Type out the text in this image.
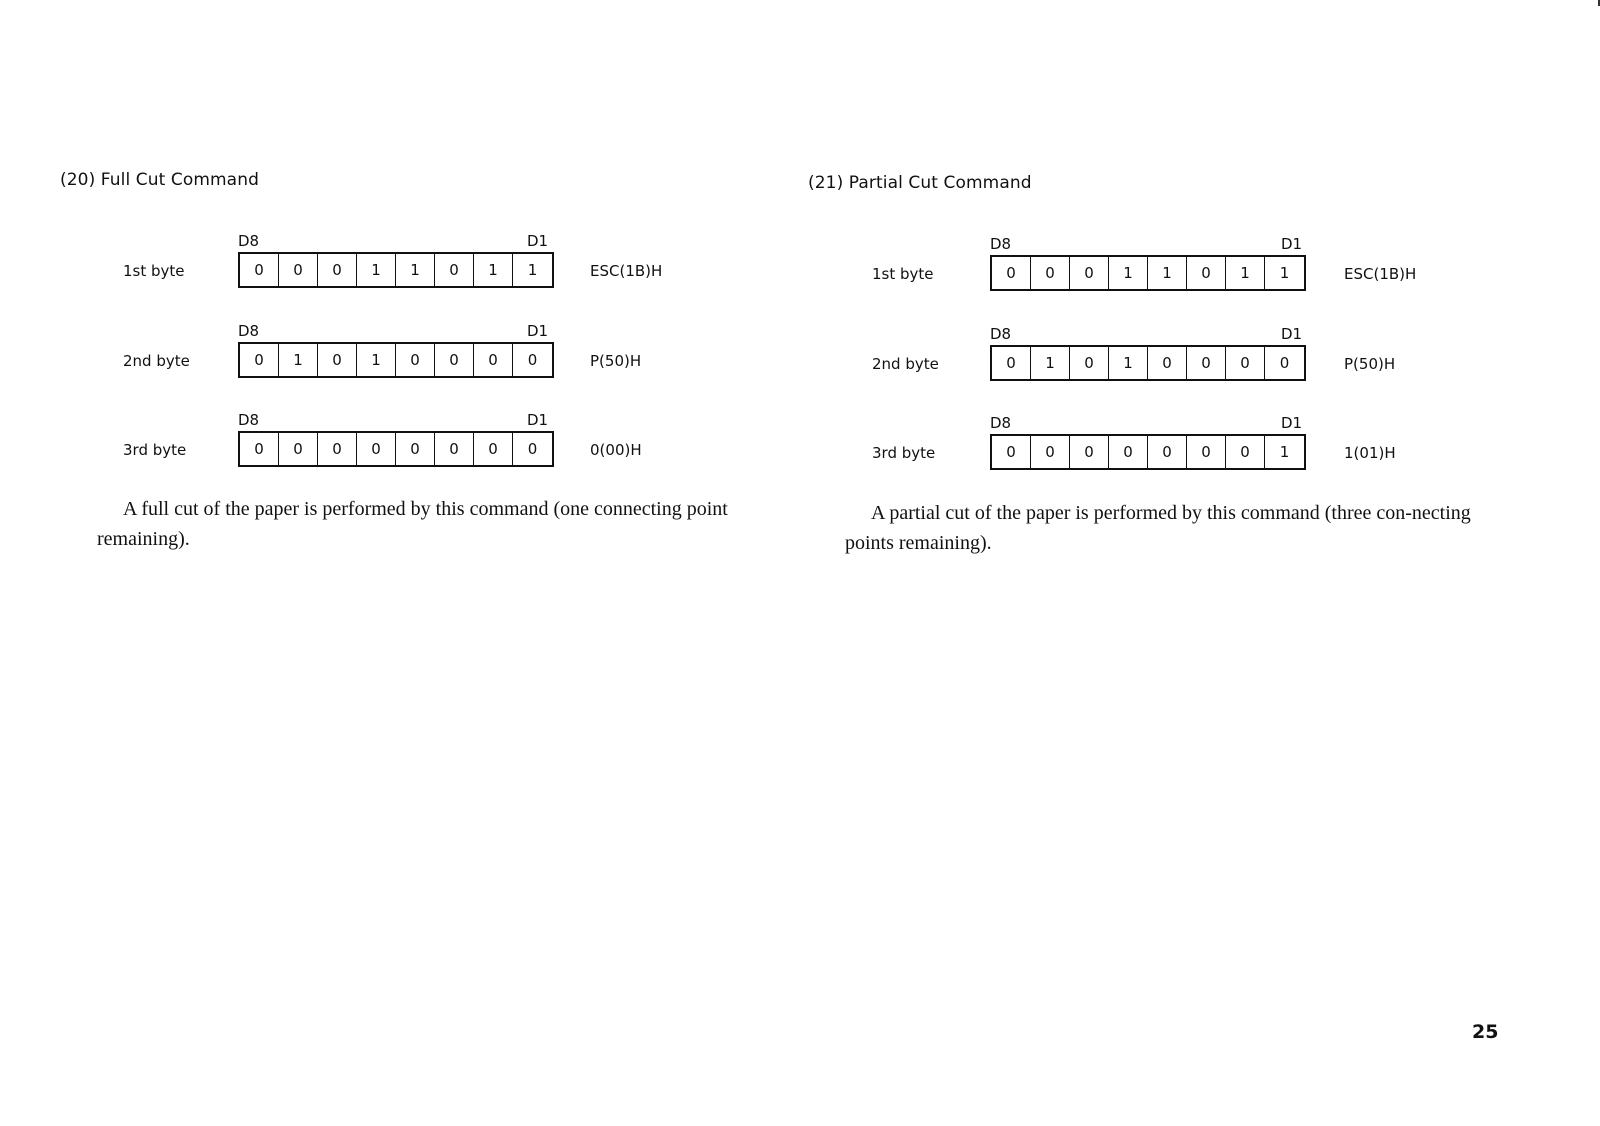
(20) Full Cut Command
1st byte
D8	D1
0	0	0	1	1	0	1	1	ESC(1B)H
2nd byte
D8	D1
0	1	0	1	0	0	0	0	P(50)H
3rd byte
D8	D1
0	0	0	0	0	0	0	0	0(00)H
A full cut of the paper is performed by this command (one connecting point remaining).
(21) Partial Cut Command
1st byte
D8	D1
0	0	0	1	1	0	1	1	ESC(1B)H
2nd byte
D8	D1
0	1	0	1	0	0	0	0	P(50)H
3rd byte
D8	D1
0	0	0	0	0	0	0	1	1(01)H
A partial cut of the paper is performed by this command (three con-necting points remaining).
25
